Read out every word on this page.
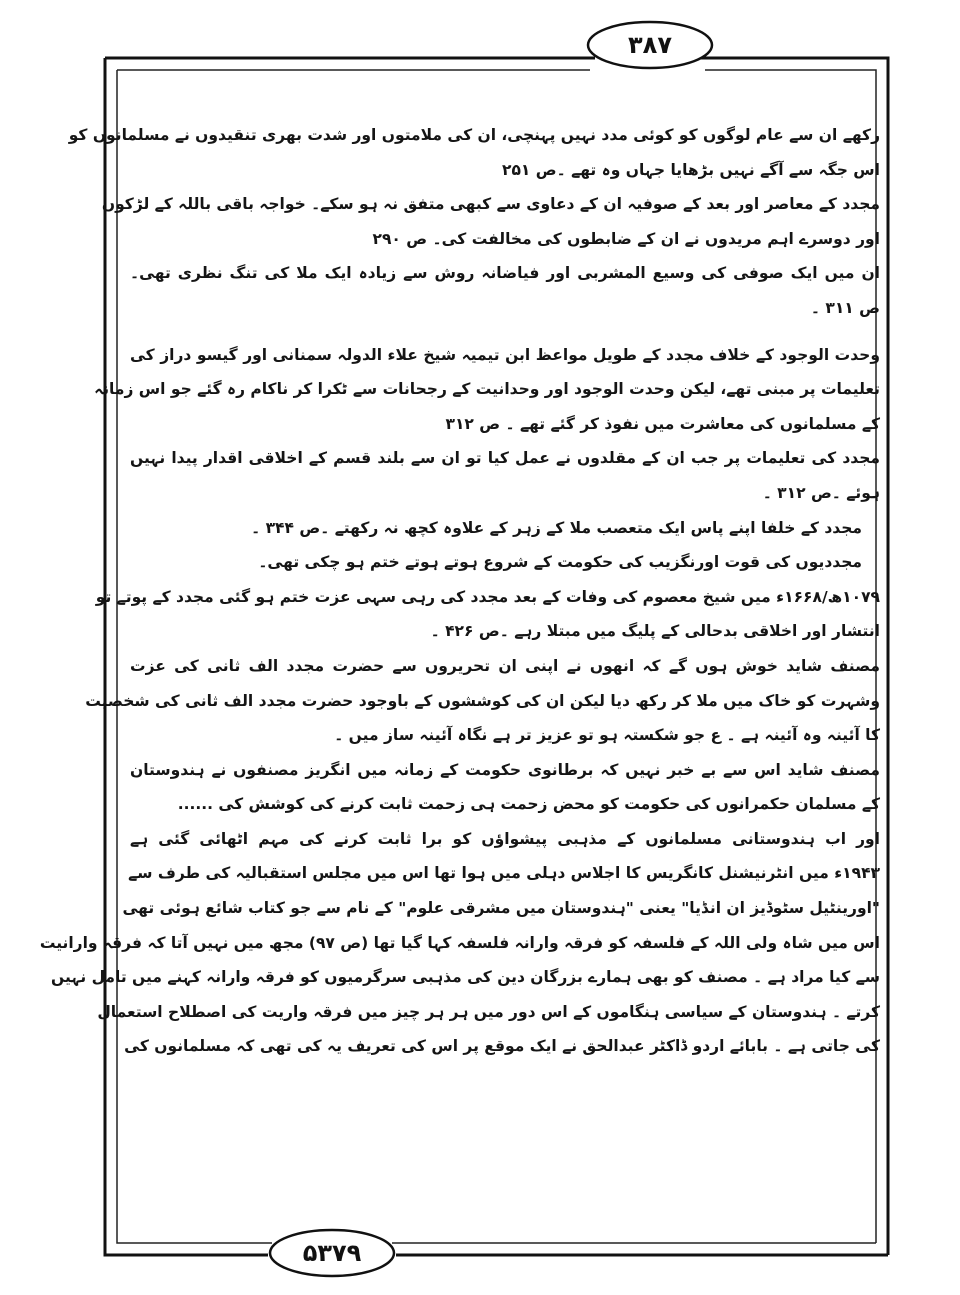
۳۸۷
۵۳۷۹
رکھے ان سے عام لوگوں کو کوئی مدد نہیں پہنچی، ان کی ملامتوں اور شدت بھری تنقیدوں نے مسلمانوں کو
اس جگہ سے آگے نہیں بڑھایا جہاں وہ تھے ۔ص ۲۵۱
مجدد کے معاصر اور بعد کے صوفیہ ان کے دعاوی سے کبھی متفق نہ ہو سکے۔ خواجہ باقی باللہ کے لڑکوں
اور دوسرے اہم مریدوں نے ان کے ضابطوں کی مخالفت کی۔ ص ۲۹۰
ان میں ایک صوفی کی وسیع المشربی اور فیاضانہ روش سے زیادہ ایک ملا کی تنگ نظری تھی۔
ص ۳۱۱ ۔
وحدت الوجود کے خلاف مجدد کے طویل مواعظ ابن تیمیہ شیخ علاء الدولہ سمنانی اور گیسو دراز کی
تعلیمات پر مبنی تھے، لیکن وحدت الوجود اور وحدانیت کے رجحانات سے ٹکرا کر ناکام رہ گئے جو اس زمانہ
کے مسلمانوں کی معاشرت میں نفوذ کر گئے تھے ۔ ص ۳۱۲
مجدد کی تعلیمات پر جب ان کے مقلدوں نے عمل کیا تو ان سے بلند قسم کے اخلاقی اقدار پیدا نہیں
ہوئے ۔ص ۳۱۲ ۔
مجدد کے خلفا اپنے پاس ایک متعصب ملا کے زہر کے علاوہ کچھ نہ رکھتے ۔ص ۳۴۴ ۔
مجددیوں کی قوت اورنگزیب کی حکومت کے شروع ہوتے ہوتے ختم ہو چکی تھی۔
۱۰۷۹ھ/۱۶۶۸ء میں شیخ معصوم کی وفات کے بعد مجدد کی رہی سہی عزت ختم ہو گئی مجدد کے پوتے تو
انتشار اور اخلاقی بدحالی کے پلیگ میں مبتلا رہے ۔ص ۴۲۶ ۔
مصنف شاید خوش ہوں گے کہ انھوں نے اپنی ان تحریروں سے حضرت مجدد الف ثانی کی عزت
وشہرت کو خاک میں ملا کر رکھ دیا لیکن ان کی کوششوں کے باوجود حضرت مجدد الف ثانی کی شخصیت
کا آئینہ وہ آئینہ ہے ۔ ع جو شکستہ ہو تو عزیز تر ہے نگاہ آئینہ ساز میں ۔
مصنف شاید اس سے بے خبر نہیں کہ برطانوی حکومت کے زمانہ میں انگریز مصنفوں نے ہندوستان
کے مسلمان حکمرانوں کی حکومت کو محض زحمت ہی زحمت ثابت کرنے کی کوشش کی ......
اور اب ہندوستانی مسلمانوں کے مذہبی پیشواؤں کو برا ثابت کرنے کی مہم اٹھائی گئی ہے
۱۹۴۳ء میں انٹرنیشنل کانگریس کا اجلاس دہلی میں ہوا تھا اس میں مجلس استقبالیہ کی طرف سے
"اورینٹیل سٹوڈیز ان انڈیا" یعنی "ہندوستان میں مشرقی علوم" کے نام سے جو کتاب شائع ہوئی تھی
اس میں شاہ ولی اللہ کے فلسفہ کو فرقہ وارانہ فلسفہ کہا گیا تھا (ص ۹۷) مجھ میں نہیں آتا کہ فرقہ وارانیت
سے کیا مراد ہے ۔ مصنف کو بھی ہمارے بزرگان دین کی مذہبی سرگرمیوں کو فرقہ وارانہ کہنے میں تامل نہیں
کرتے ۔ ہندوستان کے سیاسی ہنگاموں کے اس دور میں ہر ہر چیز میں فرقہ واریت کی اصطلاح استعمال
کی جاتی ہے ۔ بابائے اردو ڈاکٹر عبدالحق نے ایک موقع پر اس کی تعریف یہ کی تھی کہ مسلمانوں کی
